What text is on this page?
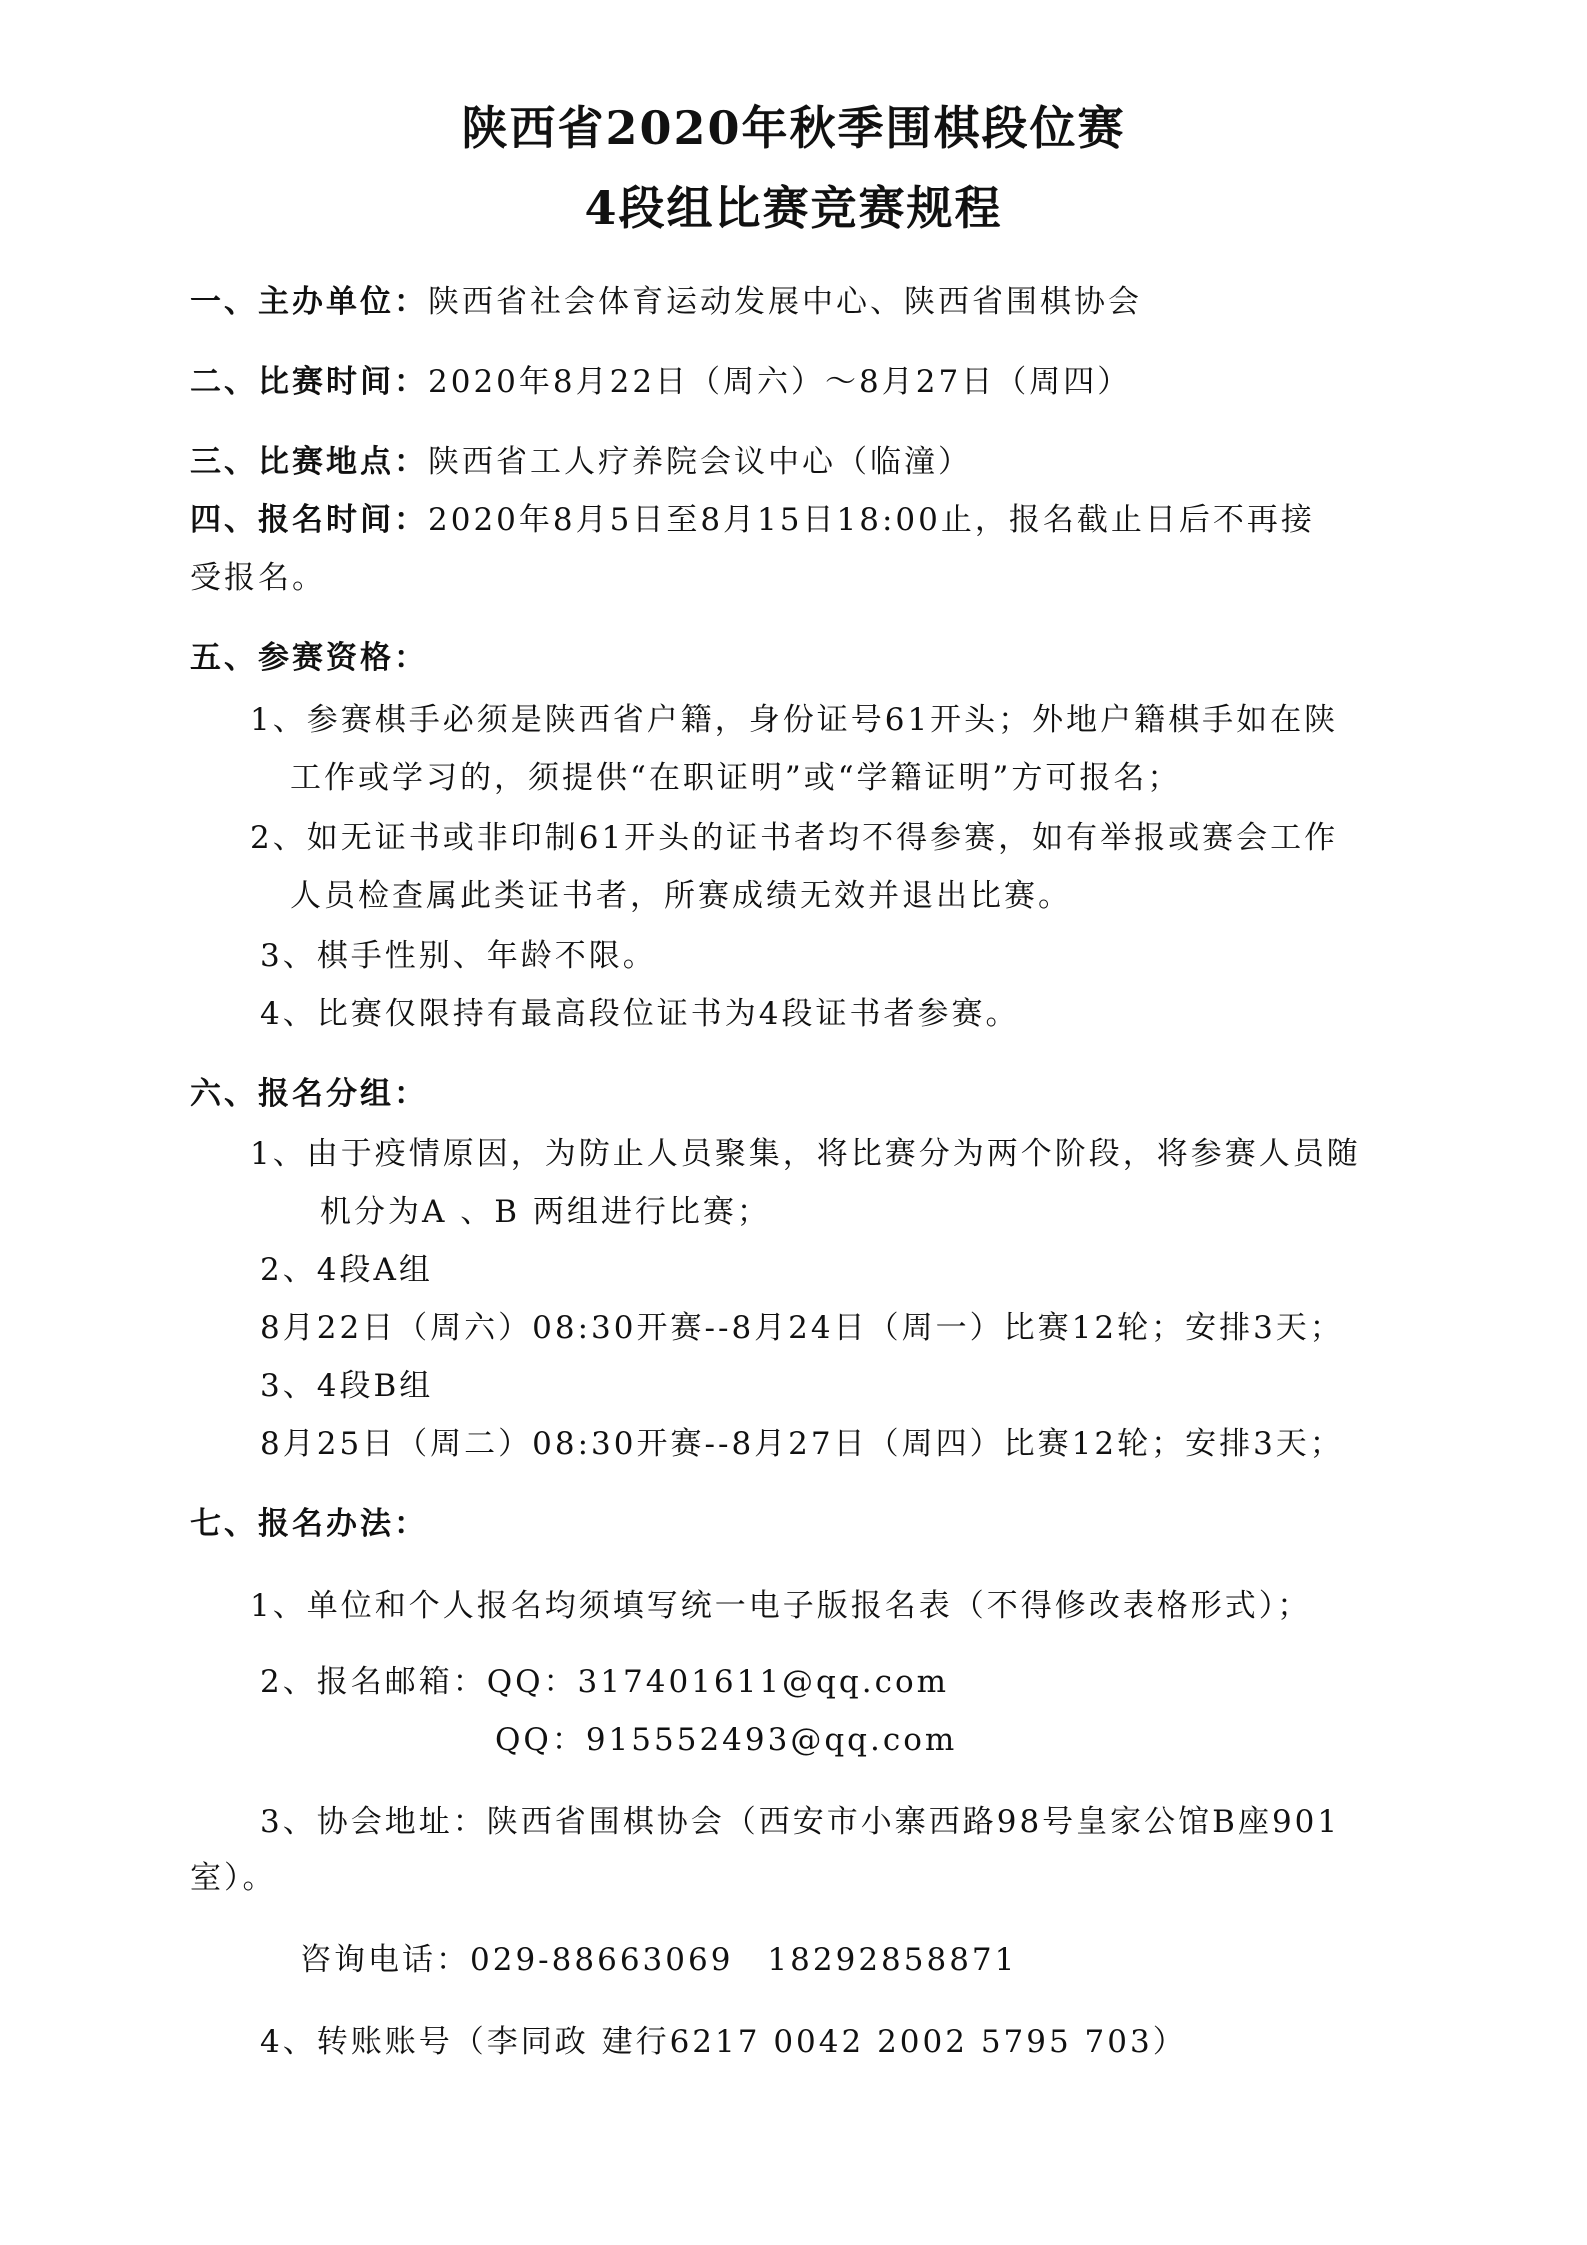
陕西省2020年秋季围棋段位赛
4段组比赛竞赛规程
一、主办单位：陕西省社会体育运动发展中心、陕西省围棋协会
二、比赛时间：2020年8月22日（周六）～8月27日（周四）
三、比赛地点：陕西省工人疗养院会议中心（临潼）
四、报名时间：2020年8月5日至8月15日18:00止，报名截止日后不再接
受报名。
五、参赛资格：
1、参赛棋手必须是陕西省户籍，身份证号61开头；外地户籍棋手如在陕
工作或学习的，须提供“在职证明”或“学籍证明”方可报名；
2、如无证书或非印制61开头的证书者均不得参赛，如有举报或赛会工作
人员检查属此类证书者，所赛成绩无效并退出比赛。
3、棋手性别、年龄不限。
4、比赛仅限持有最高段位证书为4段证书者参赛。
六、报名分组：
1、由于疫情原因，为防止人员聚集，将比赛分为两个阶段，将参赛人员随
机分为A 、B 两组进行比赛；
2、4段A组
8月22日（周六）08:30开赛--8月24日（周一）比赛12轮；安排3天；
3、4段B组
8月25日（周二）08:30开赛--8月27日（周四）比赛12轮；安排3天；
七、报名办法：
1、单位和个人报名均须填写统一电子版报名表（不得修改表格形式）；
2、报名邮箱：QQ：317401611@qq.com
QQ：915552493@qq.com
3、协会地址：陕西省围棋协会（西安市小寨西路98号皇家公馆B座901
室）。
咨询电话：029-88663069　18292858871
4、转账账号（李同政 建行6217 0042 2002 5795 703）
